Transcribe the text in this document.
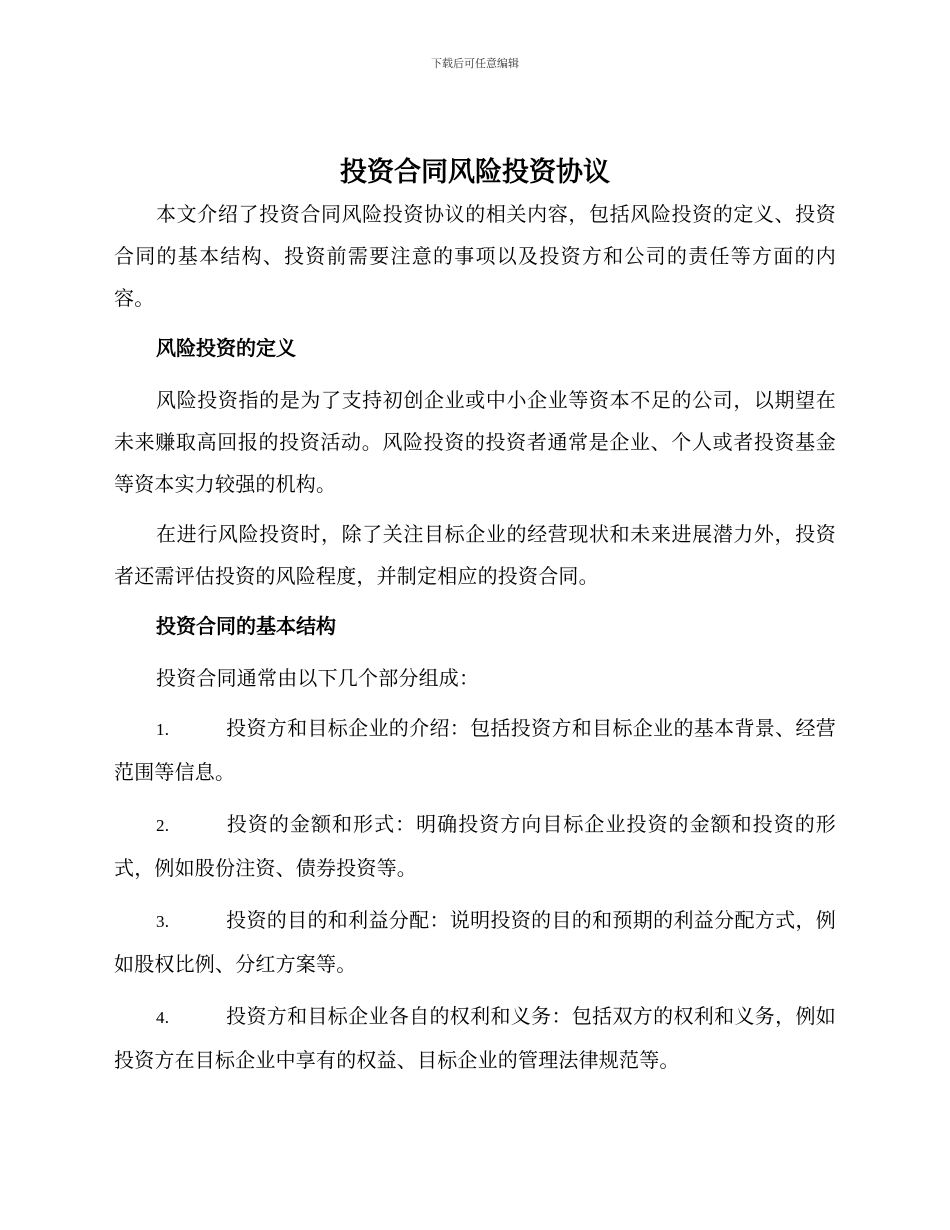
下载后可任意编辑
投资合同风险投资协议

本文介绍了投资合同风险投资协议的相关内容，包括风险投资的定义、投资合同的基本结构、投资前需要注意的事项以及投资方和公司的责任等方面的内容。

风险投资的定义

风险投资指的是为了支持初创企业或中小企业等资本不足的公司，以期望在未来赚取高回报的投资活动。风险投资的投资者通常是企业、个人或者投资基金等资本实力较强的机构。

在进行风险投资时，除了关注目标企业的经营现状和未来进展潜力外，投资者还需评估投资的风险程度，并制定相应的投资合同。

投资合同的基本结构

投资合同通常由以下几个部分组成：

1.	投资方和目标企业的介绍：包括投资方和目标企业的基本背景、经营范围等信息。
2.	投资的金额和形式：明确投资方向目标企业投资的金额和投资的形式，例如股份注资、债券投资等。
3.	投资的目的和利益分配：说明投资的目的和预期的利益分配方式，例如股权比例、分红方案等。
4.	投资方和目标企业各自的权利和义务：包括双方的权利和义务，例如投资方在目标企业中享有的权益、目标企业的管理法律规范等。
